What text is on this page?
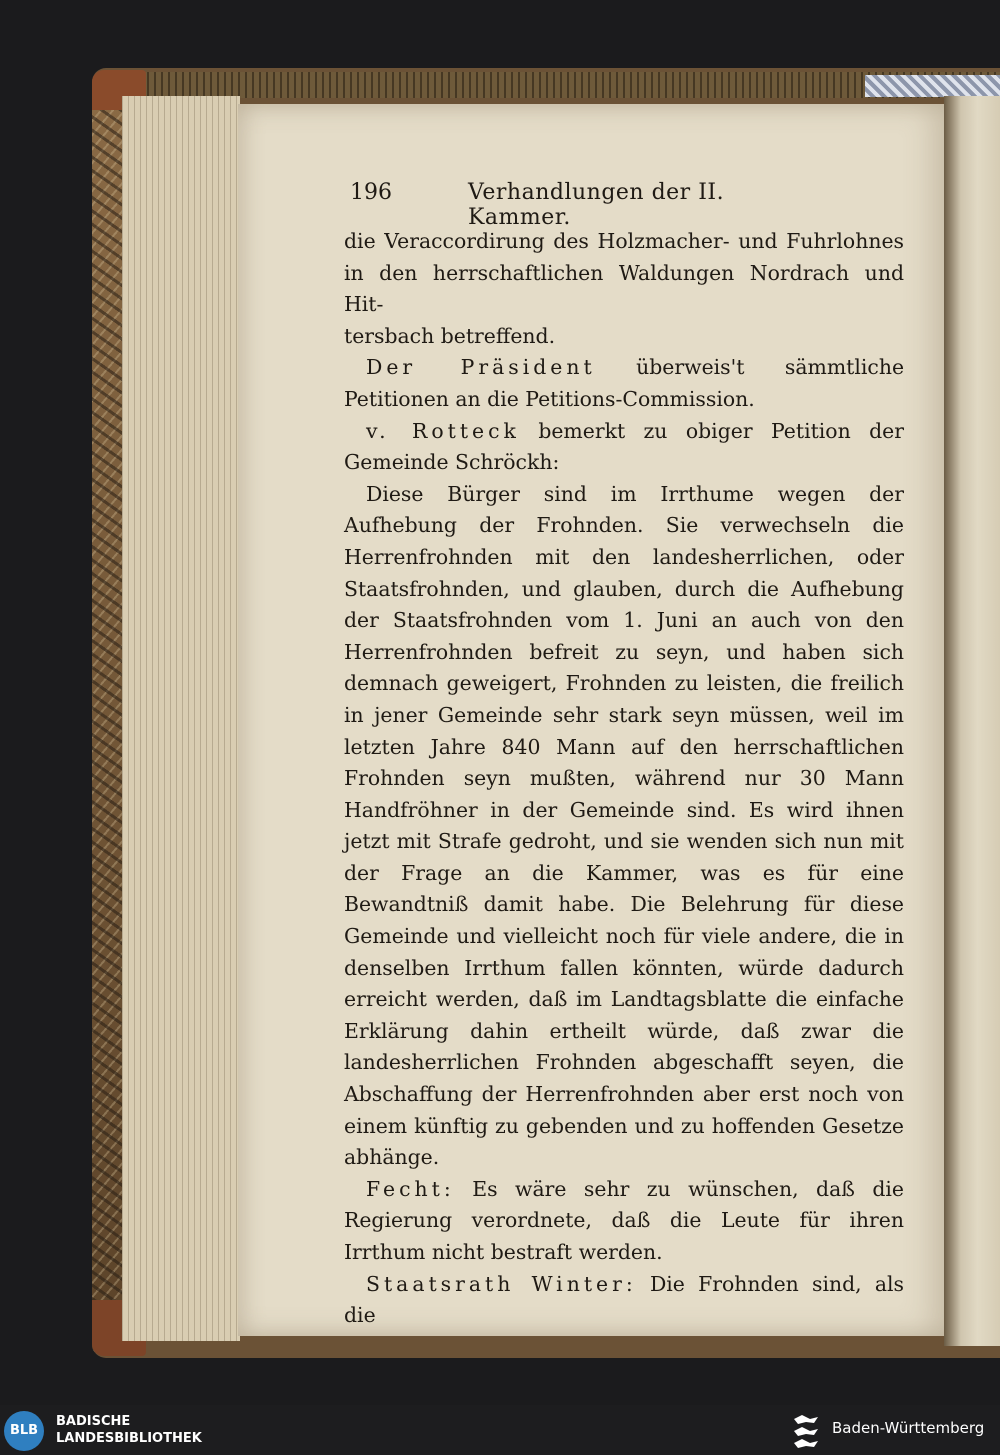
196	Verhandlungen der II. Kammer.

die Veraccordirung des Holzmacher- und Fuhrlohnes

in den herrschaftlichen Waldungen Nordrach und Hit-

tersbach betreffend.

Der Präsident überweis't sämmtliche Petitionen an die Petitions-Commission.

v. Rotteck bemerkt zu obiger Petition der Gemeinde Schröckh:

Diese Bürger sind im Irrthume wegen der Aufhebung der Frohnden. Sie verwechseln die Herrenfrohnden mit den landesherrlichen, oder Staatsfrohnden, und glauben, durch die Aufhebung der Staatsfrohnden vom 1. Juni an auch von den Herrenfrohnden befreit zu seyn, und haben sich demnach geweigert, Frohnden zu leisten, die freilich in jener Gemeinde sehr stark seyn müssen, weil im letzten Jahre 840 Mann auf den herrschaftlichen Frohnden seyn mußten, während nur 30 Mann Handfröhner in der Gemeinde sind. Es wird ihnen jetzt mit Strafe gedroht, und sie wenden sich nun mit der Frage an die Kammer, was es für eine Bewandtniß damit habe. Die Belehrung für diese Gemeinde und vielleicht noch für viele andere, die in denselben Irrthum fallen könnten, würde dadurch erreicht werden, daß im Landtagsblatte die einfache Erklärung dahin ertheilt würde, daß zwar die landesherrlichen Frohnden abgeschafft seyen, die Abschaffung der Herrenfrohnden aber erst noch von einem künftig zu gebenden und zu hoffenden Gesetze abhänge.

Fecht: Es wäre sehr zu wünschen, daß die Regierung verordnete, daß die Leute für ihren Irrthum nicht bestraft werden.

Staatsrath Winter: Die Frohnden sind, als die

BLB
BADISCHE
LANDESBIBLIOTHEK
Baden-Württemberg
